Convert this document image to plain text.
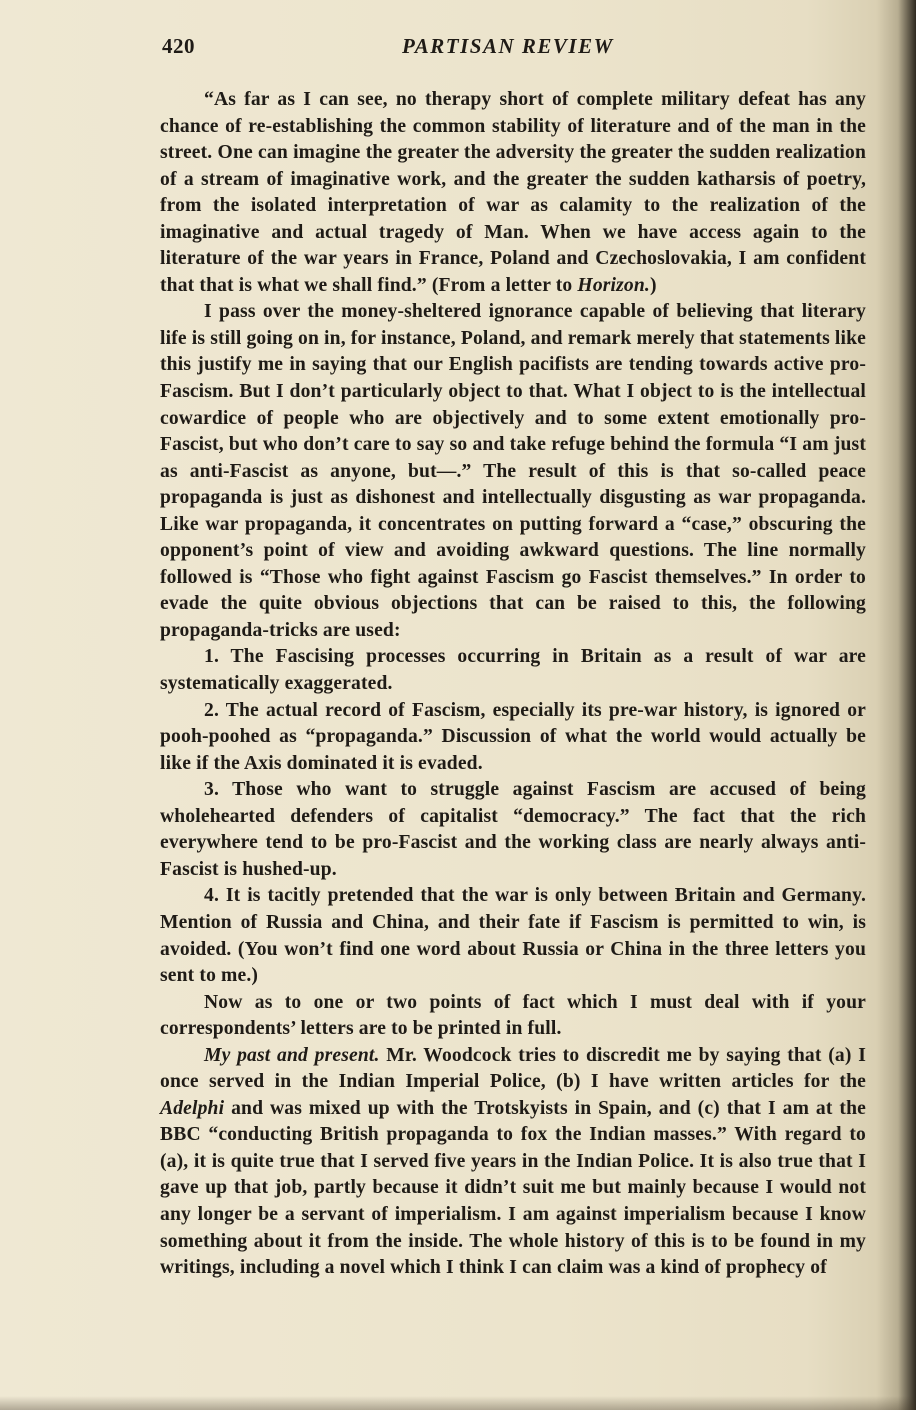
420	PARTISAN REVIEW

“As far as I can see, no therapy short of complete military defeat has any chance of re-establishing the common stability of literature and of the man in the street. One can imagine the greater the adversity the greater the sudden realization of a stream of imaginative work, and the greater the sudden katharsis of poetry, from the isolated interpretation of war as calamity to the realization of the imaginative and actual tragedy of Man. When we have access again to the literature of the war years in France, Poland and Czechoslovakia, I am confident that that is what we shall find.” (From a letter to Horizon.)

I pass over the money-sheltered ignorance capable of believing that literary life is still going on in, for instance, Poland, and remark merely that statements like this justify me in saying that our English pacifists are tending towards active pro-Fascism. But I don’t particularly object to that. What I object to is the intellectual cowardice of people who are objectively and to some extent emotionally pro-Fascist, but who don’t care to say so and take refuge behind the formula “I am just as anti-Fascist as anyone, but—.” The result of this is that so-called peace propaganda is just as dishonest and intellectually disgusting as war propaganda. Like war propaganda, it concentrates on putting forward a “case,” obscuring the opponent’s point of view and avoiding awkward questions. The line normally followed is “Those who fight against Fascism go Fascist themselves.” In order to evade the quite obvious objections that can be raised to this, the following propaganda-tricks are used:

1. The Fascising processes occurring in Britain as a result of war are systematically exaggerated.

2. The actual record of Fascism, especially its pre-war history, is ignored or pooh-poohed as “propaganda.” Discussion of what the world would actually be like if the Axis dominated it is evaded.

3. Those who want to struggle against Fascism are accused of being wholehearted defenders of capitalist “democracy.” The fact that the rich everywhere tend to be pro-Fascist and the working class are nearly always anti-Fascist is hushed-up.

4. It is tacitly pretended that the war is only between Britain and Germany. Mention of Russia and China, and their fate if Fascism is permitted to win, is avoided. (You won’t find one word about Russia or China in the three letters you sent to me.)

Now as to one or two points of fact which I must deal with if your correspondents’ letters are to be printed in full.

My past and present. Mr. Woodcock tries to discredit me by saying that (a) I once served in the Indian Imperial Police, (b) I have written articles for the Adelphi and was mixed up with the Trotskyists in Spain, and (c) that I am at the BBC “conducting British propaganda to fox the Indian masses.” With regard to (a), it is quite true that I served five years in the Indian Police. It is also true that I gave up that job, partly because it didn’t suit me but mainly because I would not any longer be a servant of imperialism. I am against imperialism because I know something about it from the inside. The whole history of this is to be found in my writings, including a novel which I think I can claim was a kind of prophecy of
